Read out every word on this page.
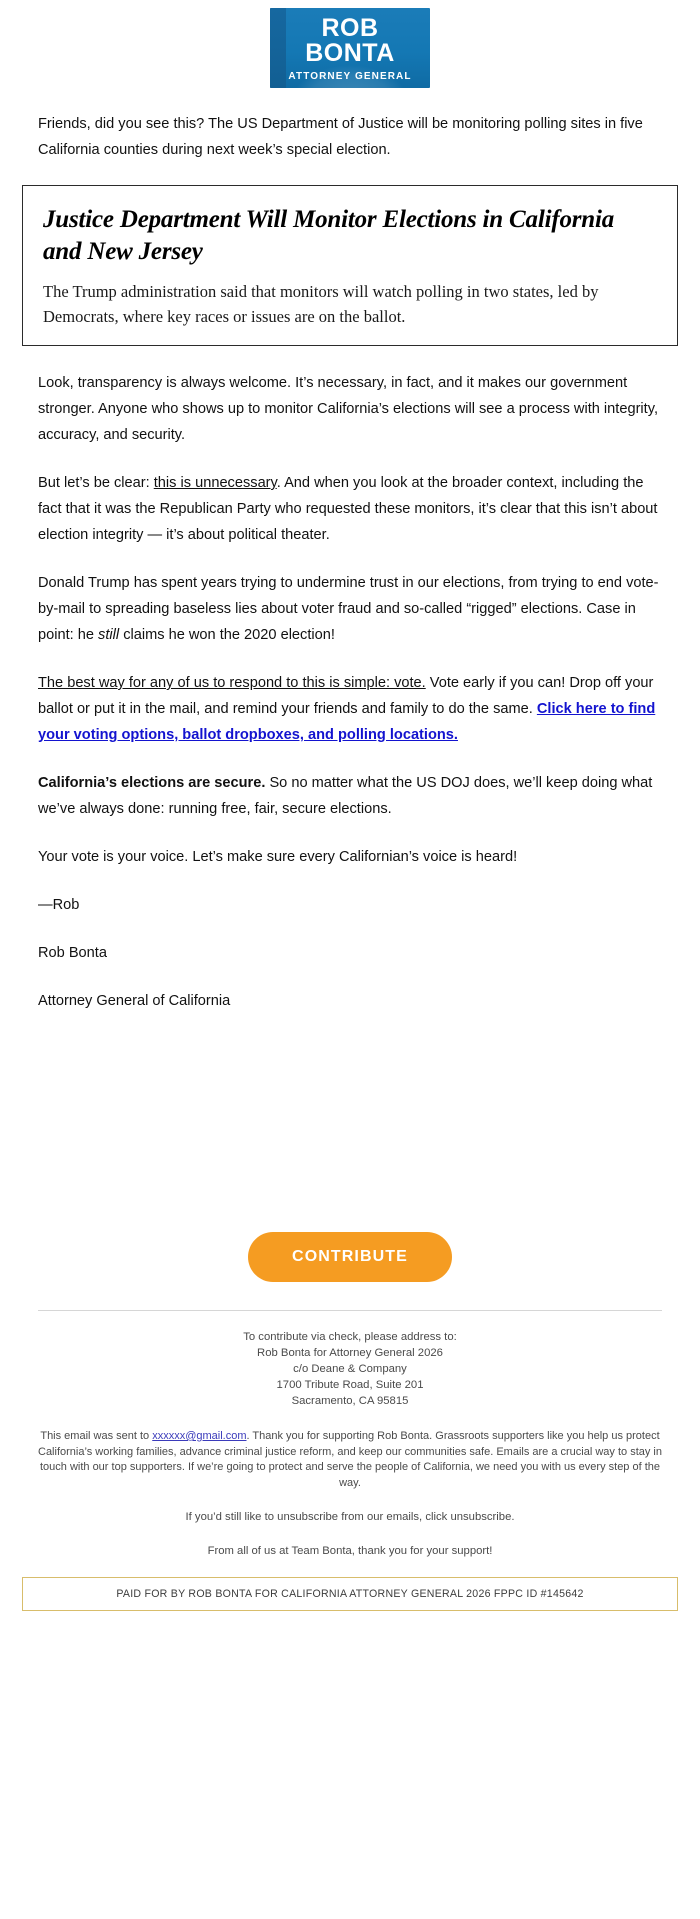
ROB
BONTA
ATTORNEY GENERAL

Friends, did you see this? The US Department of Justice will be monitoring polling sites in five California counties during next week’s special election.

Justice Department Will Monitor Elections in California and New Jersey
The Trump administration said that monitors will watch polling in two states, led by Democrats, where key races or issues are on the ballot.

Look, transparency is always welcome. It’s necessary, in fact, and it makes our government stronger. Anyone who shows up to monitor California’s elections will see a process with integrity, accuracy, and security.

But let’s be clear: this is unnecessary. And when you look at the broader context, including the fact that it was the Republican Party who requested these monitors, it’s clear that this isn’t about election integrity — it’s about political theater.

Donald Trump has spent years trying to undermine trust in our elections, from trying to end vote-by-mail to spreading baseless lies about voter fraud and so-called “rigged” elections. Case in point: he still claims he won the 2020 election!

The best way for any of us to respond to this is simple: vote. Vote early if you can! Drop off your ballot or put it in the mail, and remind your friends and family to do the same. Click here to find your voting options, ballot dropboxes, and polling locations.

California’s elections are secure. So no matter what the US DOJ does, we’ll keep doing what we’ve always done: running free, fair, secure elections.

Your vote is your voice. Let’s make sure every Californian’s voice is heard!

—Rob

Rob Bonta

Attorney General of California

CONTRIBUTE
To contribute via check, please address to:
Rob Bonta for Attorney General 2026
c/o Deane & Company
1700 Tribute Road, Suite 201
Sacramento, CA 95815

This email was sent to xxxxxx@gmail.com. Thank you for supporting Rob Bonta. Grassroots supporters like you help us protect California’s working families, advance criminal justice reform, and keep our communities safe. Emails are a crucial way to stay in touch with our top supporters. If we’re going to protect and serve the people of California, we need you with us every step of the way.

If you’d still like to unsubscribe from our emails, click unsubscribe.

From all of us at Team Bonta, thank you for your support!

PAID FOR BY ROB BONTA FOR CALIFORNIA ATTORNEY GENERAL 2026 FPPC ID #145642
